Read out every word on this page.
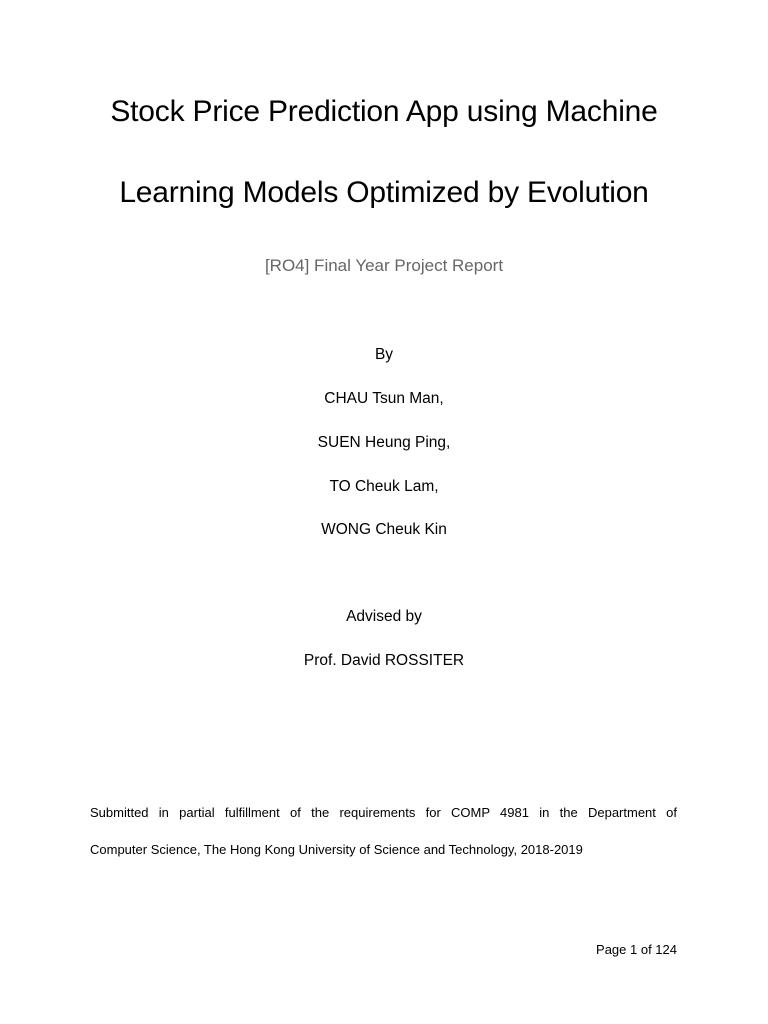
Stock Price Prediction App using Machine
Learning Models Optimized by Evolution
[RO4] Final Year Project Report
By
CHAU Tsun Man,
SUEN Heung Ping,
TO Cheuk Lam,
WONG Cheuk Kin
Advised by
Prof. David ROSSITER
Submitted in partial fulfillment of the requirements for COMP 4981 in the Department of
Computer Science, The Hong Kong University of Science and Technology, 2018-2019
Page 1 of 124
